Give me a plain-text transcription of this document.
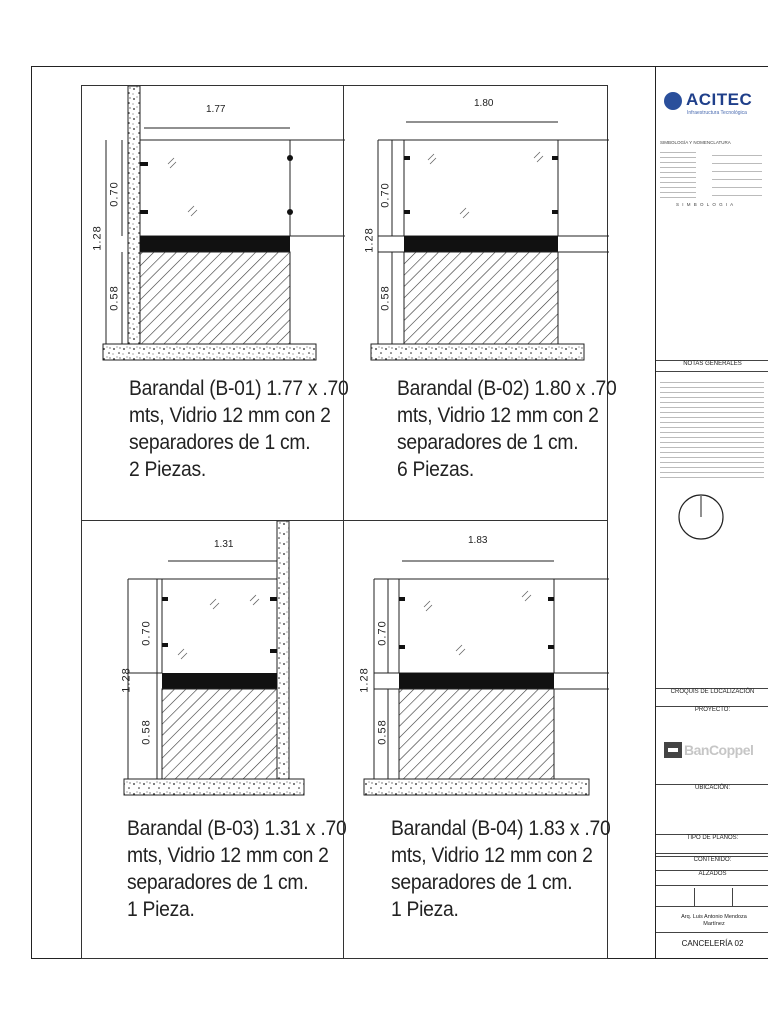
1.77
0.70
1.28
0.58
Barandal (B-01) 1.77 x .70
mts, Vidrio 12 mm con 2
separadores de 1 cm.
2 Piezas.
1.80
0.70
1.28
0.58
Barandal (B-02) 1.80 x .70
mts, Vidrio 12 mm con 2
separadores de 1 cm.
6 Piezas.
1.31
0.70
1.28
0.58
Barandal (B-03) 1.31 x .70
mts, Vidrio 12 mm con 2
separadores de 1 cm.
1 Pieza.
1.83
0.70
1.28
0.58
Barandal (B-04) 1.83 x .70
mts, Vidrio 12 mm con 2
separadores de 1 cm.
1 Pieza.
ACITEC
Infraestructura Tecnológica
SIMBOLOGÍA Y NOMENCLATURA
S I M B O L O G I A
NOTAS GENERALES
CROQUIS DE LOCALIZACIÓN
PROYECTO:
BanCoppel
UBICACIÓN:
TIPO DE PLANOS:
CONTENIDO:
ALZADOS
Arq. Luis Antonio Mendoza Martínez
CANCELERÍA 02
